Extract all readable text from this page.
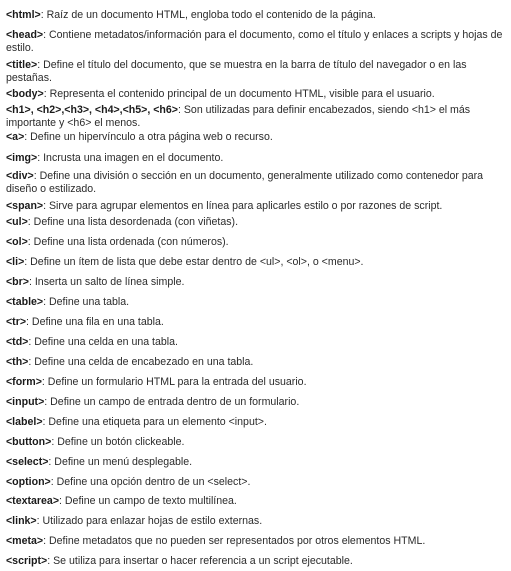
<html>: Raíz de un documento HTML, engloba todo el contenido de la página.
<head>: Contiene metadatos/información para el documento, como el título y enlaces a scripts y hojas de estilo.
<title>: Define el título del documento, que se muestra en la barra de título del navegador o en las pestañas.
<body>: Representa el contenido principal de un documento HTML, visible para el usuario.
<h1>, <h2>,<h3>, <h4>,<h5>, <h6>: Son utilizadas para definir encabezados, siendo <h1> el más importante y <h6> el menos.
<a>: Define un hipervínculo a otra página web o recurso.
<img>: Incrusta una imagen en el documento.
<div>: Define una división o sección en un documento, generalmente utilizado como contenedor para diseño o estilizado.
<span>: Sirve para agrupar elementos en línea para aplicarles estilo o por razones de script.
<ul>: Define una lista desordenada (con viñetas).
<ol>: Define una lista ordenada (con números).
<li>: Define un ítem de lista que debe estar dentro de <ul>, <ol>, o <menu>.
<br>: Inserta un salto de línea simple.
<table>: Define una tabla.
<tr>: Define una fila en una tabla.
<td>: Define una celda en una tabla.
<th>: Define una celda de encabezado en una tabla.
<form>: Define un formulario HTML para la entrada del usuario.
<input>: Define un campo de entrada dentro de un formulario.
<label>: Define una etiqueta para un elemento <input>.
<button>: Define un botón clickeable.
<select>: Define un menú desplegable.
<option>: Define una opción dentro de un <select>.
<textarea>: Define un campo de texto multilínea.
<link>: Utilizado para enlazar hojas de estilo externas.
<meta>: Define metadatos que no pueden ser representados por otros elementos HTML.
<script>: Se utiliza para insertar o hacer referencia a un script ejecutable.
